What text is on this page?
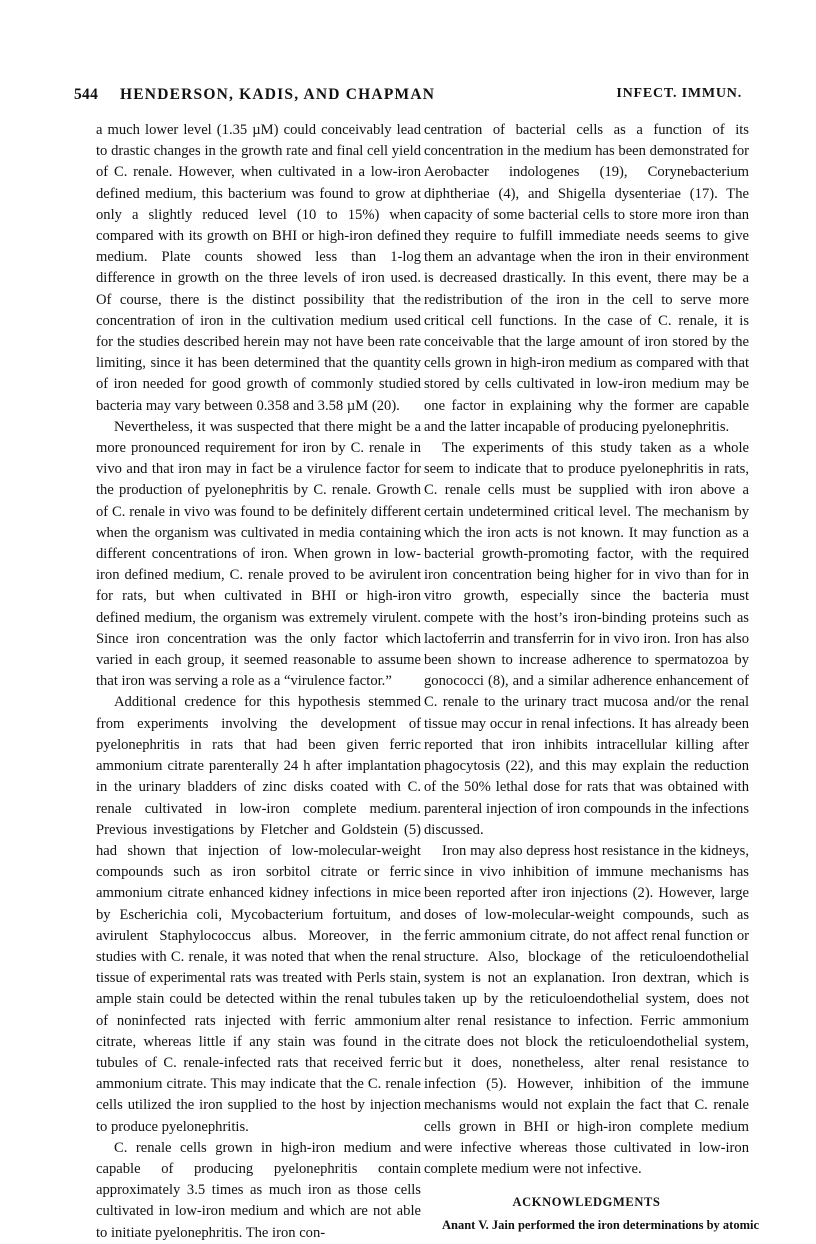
544 HENDERSON, KADIS, AND CHAPMAN	INFECT. IMMUN.

a much lower level (1.35 µM) could conceivably lead to drastic changes in the growth rate and final cell yield of C. renale. However, when cultivated in a low-iron defined medium, this bacterium was found to grow at only a slightly reduced level (10 to 15%) when compared with its growth on BHI or high-iron defined medium. Plate counts showed less than 1-log difference in growth on the three levels of iron used. Of course, there is the distinct possibility that the concentration of iron in the cultivation medium used for the studies described herein may not have been rate limiting, since it has been determined that the quantity of iron needed for good growth of commonly studied bacteria may vary between 0.358 and 3.58 µM (20).

Nevertheless, it was suspected that there might be a more pronounced requirement for iron by C. renale in vivo and that iron may in fact be a virulence factor for the production of pyelonephritis by C. renale. Growth of C. renale in vivo was found to be definitely different when the organism was cultivated in media containing different concentrations of iron. When grown in low-iron defined medium, C. renale proved to be avirulent for rats, but when cultivated in BHI or high-iron defined medium, the organism was extremely virulent. Since iron concentration was the only factor which varied in each group, it seemed reasonable to assume that iron was serving a role as a “virulence factor.”

Additional credence for this hypothesis stemmed from experiments involving the development of pyelonephritis in rats that had been given ferric ammonium citrate parenterally 24 h after implantation in the urinary bladders of zinc disks coated with C. renale cultivated in low-iron complete medium. Previous investigations by Fletcher and Goldstein (5) had shown that injection of low-molecular-weight compounds such as iron sorbitol citrate or ferric ammonium citrate enhanced kidney infections in mice by Escherichia coli, Mycobacterium fortuitum, and avirulent Staphylococcus albus. Moreover, in the studies with C. renale, it was noted that when the renal tissue of experimental rats was treated with Perls stain, ample stain could be detected within the renal tubules of noninfected rats injected with ferric ammonium citrate, whereas little if any stain was found in the tubules of C. renale-infected rats that received ferric ammonium citrate. This may indicate that the C. renale cells utilized the iron supplied to the host by injection to produce pyelonephritis.

C. renale cells grown in high-iron medium and capable of producing pyelonephritis contain approximately 3.5 times as much iron as those cells cultivated in low-iron medium and which are not able to initiate pyelonephritis. The iron con-

centration of bacterial cells as a function of its concentration in the medium has been demonstrated for Aerobacter indologenes (19), Corynebacterium diphtheriae (4), and Shigella dysenteriae (17). The capacity of some bacterial cells to store more iron than they require to fulfill immediate needs seems to give them an advantage when the iron in their environment is decreased drastically. In this event, there may be a redistribution of the iron in the cell to serve more critical cell functions. In the case of C. renale, it is conceivable that the large amount of iron stored by the cells grown in high-iron medium as compared with that stored by cells cultivated in low-iron medium may be one factor in explaining why the former are capable and the latter incapable of producing pyelonephritis.

The experiments of this study taken as a whole seem to indicate that to produce pyelonephritis in rats, C. renale cells must be supplied with iron above a certain undetermined critical level. The mechanism by which the iron acts is not known. It may function as a bacterial growth-promoting factor, with the required iron concentration being higher for in vivo than for in vitro growth, especially since the bacteria must compete with the host’s iron-binding proteins such as lactoferrin and transferrin for in vivo iron. Iron has also been shown to increase adherence to spermatozoa by gonococci (8), and a similar adherence enhancement of C. renale to the urinary tract mucosa and/or the renal tissue may occur in renal infections. It has already been reported that iron inhibits intracellular killing after phagocytosis (22), and this may explain the reduction of the 50% lethal dose for rats that was obtained with parenteral injection of iron compounds in the infections discussed.

Iron may also depress host resistance in the kidneys, since in vivo inhibition of immune mechanisms has been reported after iron injections (2). However, large doses of low-molecular-weight compounds, such as ferric ammonium citrate, do not affect renal function or structure. Also, blockage of the reticuloendothelial system is not an explanation. Iron dextran, which is taken up by the reticuloendothelial system, does not alter renal resistance to infection. Ferric ammonium citrate does not block the reticuloendothelial system, but it does, nonetheless, alter renal resistance to infection (5). However, inhibition of the immune mechanisms would not explain the fact that C. renale cells grown in BHI or high-iron complete medium were infective whereas those cultivated in low-iron complete medium were not infective.

ACKNOWLEDGMENTS

Anant V. Jain performed the iron determinations by atomic
